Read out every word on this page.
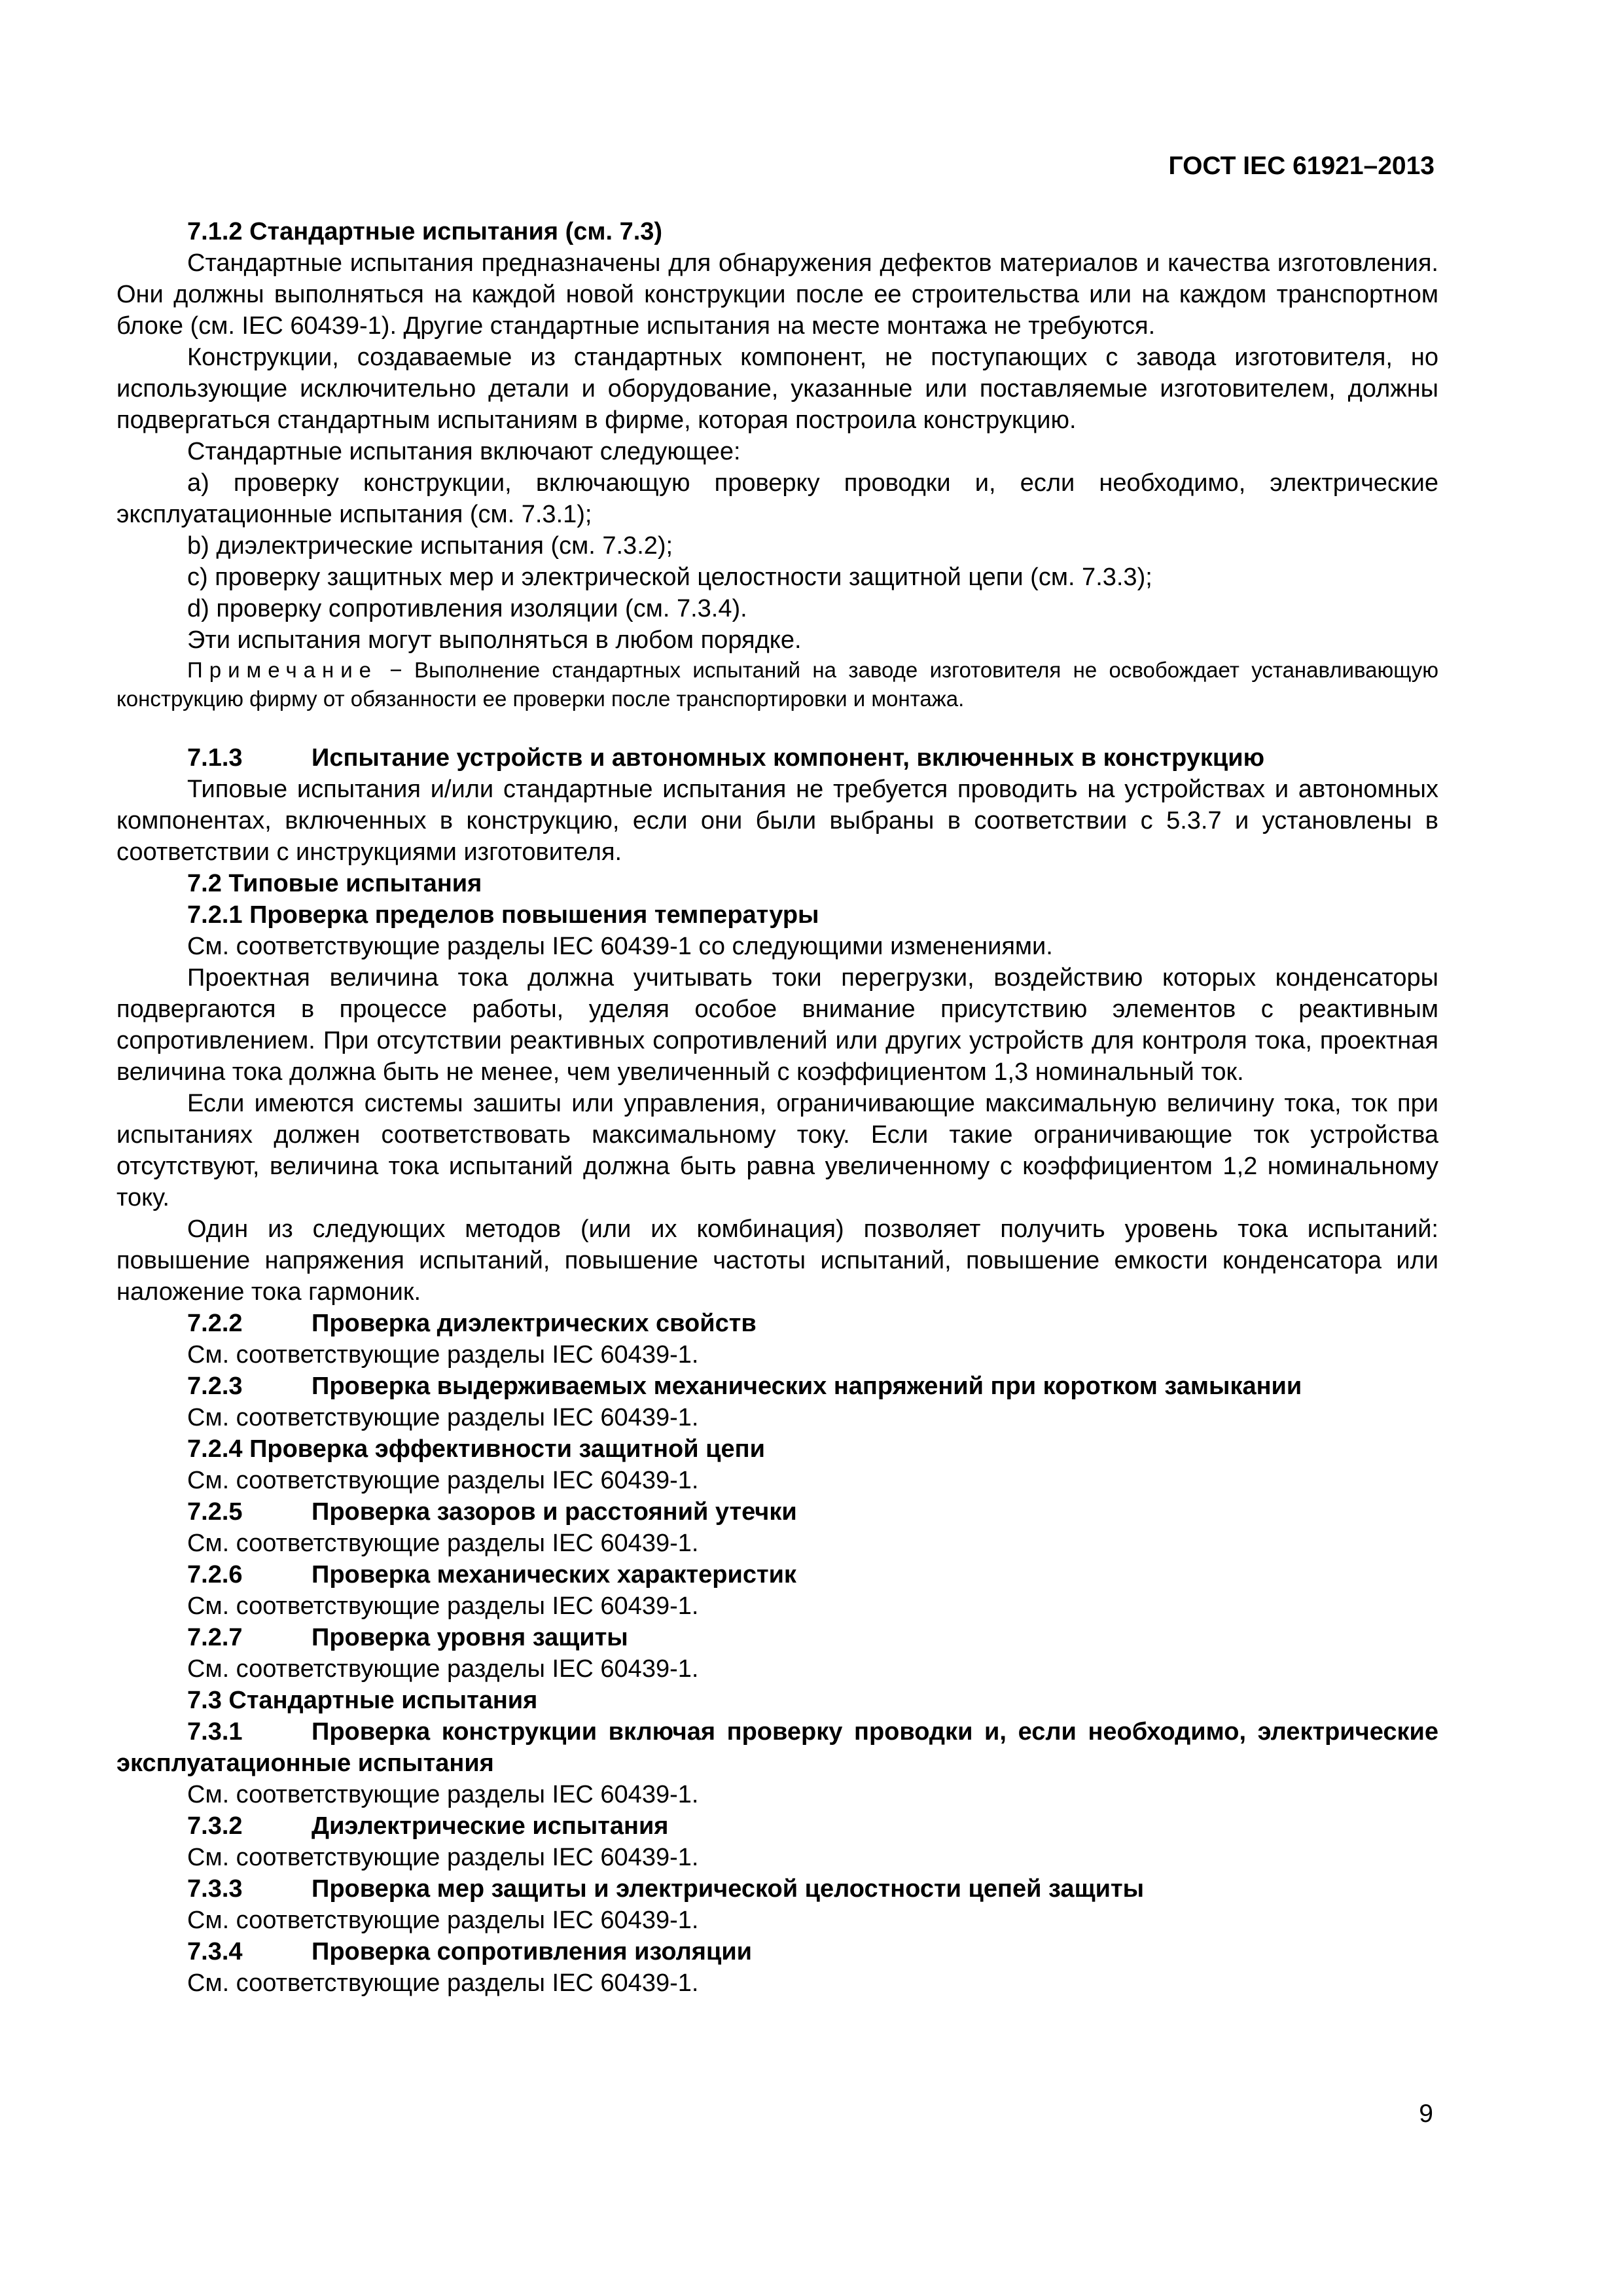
ГОСТ IEC 61921–2013

7.1.2 Стандартные испытания (см. 7.3)

Стандартные испытания предназначены для обнаружения дефектов материалов и качества изготовления. Они должны выполняться на каждой новой конструкции после ее строительства или на каждом транспортном блоке (см. IEC 60439-1). Другие стандартные испытания на месте монтажа не требуются.

Конструкции, создаваемые из стандартных компонент, не поступающих с завода изготовителя, но использующие исключительно детали и оборудование, указанные или поставляемые изготовителем, должны подвергаться стандартным испытаниям в фирме, которая построила конструкцию.

Стандартные испытания включают следующее:

a) проверку конструкции, включающую проверку проводки и, если необходимо, электрические эксплуатационные испытания (см. 7.3.1);

b) диэлектрические испытания (см. 7.3.2);

c) проверку защитных мер и электрической целостности защитной цепи (см. 7.3.3);

d) проверку сопротивления изоляции (см. 7.3.4).

Эти испытания могут выполняться в любом порядке.

Примечание − Выполнение стандартных испытаний на заводе изготовителя не освобождает устанавливающую конструкцию фирму от обязанности ее проверки после транспортировки и монтажа.

7.1.3	Испытание устройств и автономных компонент, включенных в конструкцию

Типовые испытания и/или стандартные испытания не требуется проводить на устройствах и автономных компонентах, включенных в конструкцию, если они были выбраны в соответствии с 5.3.7 и установлены в соответствии с инструкциями изготовителя.

7.2 Типовые испытания

7.2.1 Проверка пределов повышения температуры

См. соответствующие разделы IEC 60439-1 со следующими изменениями.

Проектная величина тока должна учитывать токи перегрузки, воздействию которых конденсаторы подвергаются в процессе работы, уделяя особое внимание присутствию элементов с реактивным сопротивлением. При отсутствии реактивных сопротивлений или других устройств для контроля тока, проектная величина тока должна быть не менее, чем увеличенный с коэффициентом 1,3 номинальный ток.

Если имеются системы зашиты или управления, ограничивающие максимальную величину тока, ток при испытаниях должен соответствовать максимальному току. Если такие ограничивающие ток устройства отсутствуют, величина тока испытаний должна быть равна увеличенному с коэффициентом 1,2 номинальному току.

Один из следующих методов (или их комбинация) позволяет получить уровень тока испытаний: повышение напряжения испытаний, повышение частоты испытаний, повышение емкости конденсатора или наложение тока гармоник.

7.2.2	Проверка диэлектрических свойств

См. соответствующие разделы IEC 60439-1.

7.2.3	Проверка выдерживаемых механических напряжений при коротком замыкании

См. соответствующие разделы IEC 60439-1.

7.2.4 Проверка эффективности защитной цепи

См. соответствующие разделы IEC 60439-1.

7.2.5	Проверка зазоров и расстояний утечки

См. соответствующие разделы IEC 60439-1.

7.2.6	Проверка механических характеристик

См. соответствующие разделы IEC 60439-1.

7.2.7	Проверка уровня защиты

См. соответствующие разделы IEC 60439-1.

7.3 Стандартные испытания

7.3.1	Проверка конструкции включая проверку проводки и, если необходимо, электрические эксплуатационные испытания

См. соответствующие разделы IEC 60439-1.

7.3.2	Диэлектрические испытания

См. соответствующие разделы IEC 60439-1.

7.3.3	Проверка мер защиты и электрической целостности цепей защиты

См. соответствующие разделы IEC 60439-1.

7.3.4	Проверка сопротивления изоляции

См. соответствующие разделы IEC 60439-1.

9
